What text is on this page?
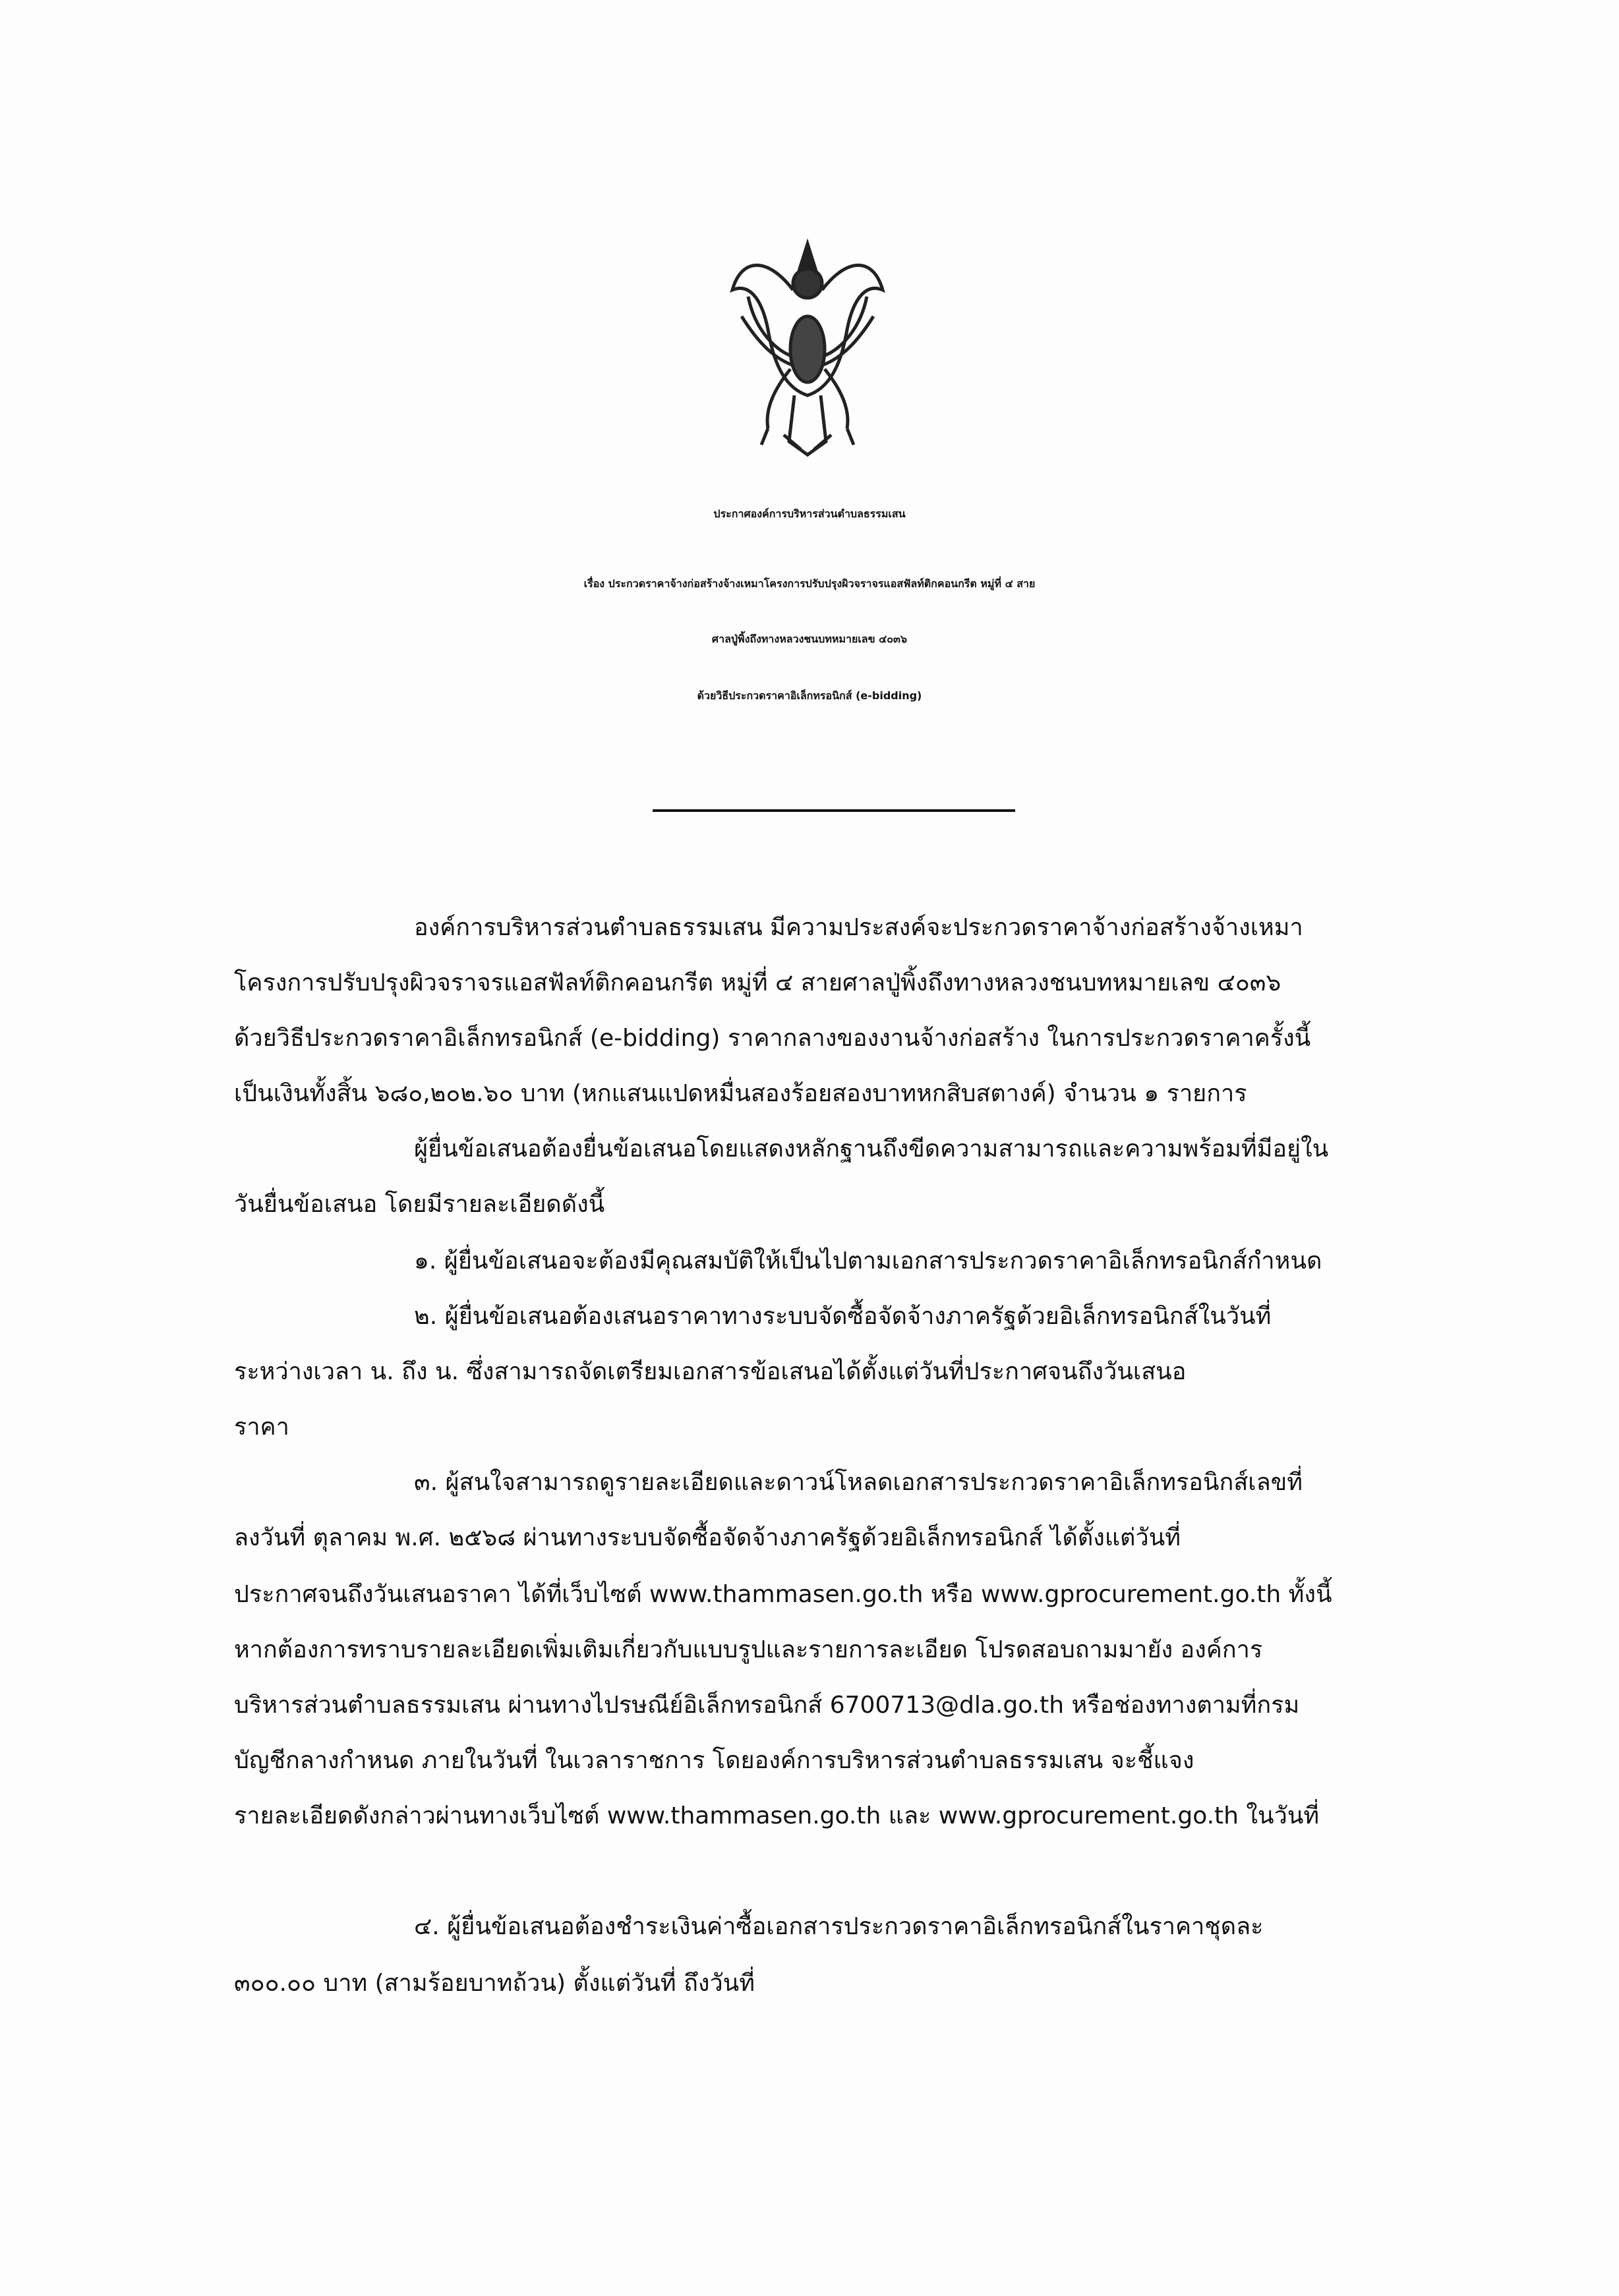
ประกาศองค์การบริหารส่วนตำบลธรรมเสน
เรื่อง ประกวดราคาจ้างก่อสร้างจ้างเหมาโครงการปรับปรุงผิวจราจรแอสฟัลท์ติกคอนกรีต หมู่ที่ ๔ สาย
ศาลปู่พิ้งถึงทางหลวงชนบทหมายเลข ๔๐๓๖
ด้วยวิธีประกวดราคาอิเล็กทรอนิกส์ (e-bidding)
องค์การบริหารส่วนตำบลธรรมเสน มีความประสงค์จะประกวดราคาจ้างก่อสร้างจ้างเหมา
โครงการปรับปรุงผิวจราจรแอสฟัลท์ติกคอนกรีต หมู่ที่ ๔ สายศาลปู่พิ้งถึงทางหลวงชนบทหมายเลข ๔๐๓๖
ด้วยวิธีประกวดราคาอิเล็กทรอนิกส์ (e-bidding) ราคากลางของงานจ้างก่อสร้าง ในการประกวดราคาครั้งนี้
เป็นเงินทั้งสิ้น ๖๘๐,๒๐๒.๖๐ บาท (หกแสนแปดหมื่นสองร้อยสองบาทหกสิบสตางค์) จำนวน ๑ รายการ
ผู้ยื่นข้อเสนอต้องยื่นข้อเสนอโดยแสดงหลักฐานถึงขีดความสามารถและความพร้อมที่มีอยู่ใน
วันยื่นข้อเสนอ โดยมีรายละเอียดดังนี้
๑. ผู้ยื่นข้อเสนอจะต้องมีคุณสมบัติให้เป็นไปตามเอกสารประกวดราคาอิเล็กทรอนิกส์กำหนด
๒. ผู้ยื่นข้อเสนอต้องเสนอราคาทางระบบจัดซื้อจัดจ้างภาครัฐด้วยอิเล็กทรอนิกส์ในวันที่
ระหว่างเวลา น. ถึง น. ซึ่งสามารถจัดเตรียมเอกสารข้อเสนอได้ตั้งแต่วันที่ประกาศจนถึงวันเสนอ
ราคา
๓. ผู้สนใจสามารถดูรายละเอียดและดาวน์โหลดเอกสารประกวดราคาอิเล็กทรอนิกส์เลขที่
ลงวันที่ ตุลาคม พ.ศ. ๒๕๖๘ ผ่านทางระบบจัดซื้อจัดจ้างภาครัฐด้วยอิเล็กทรอนิกส์ ได้ตั้งแต่วันที่
ประกาศจนถึงวันเสนอราคา ได้ที่เว็บไซต์ www.thammasen.go.th หรือ www.gprocurement.go.th ทั้งนี้
หากต้องการทราบรายละเอียดเพิ่มเติมเกี่ยวกับแบบรูปและรายการละเอียด โปรดสอบถามมายัง องค์การ
บริหารส่วนตำบลธรรมเสน ผ่านทางไปรษณีย์อิเล็กทรอนิกส์ 6700713@dla.go.th หรือช่องทางตามที่กรม
บัญชีกลางกำหนด ภายในวันที่ ในเวลาราชการ โดยองค์การบริหารส่วนตำบลธรรมเสน จะชี้แจง
รายละเอียดดังกล่าวผ่านทางเว็บไซต์ www.thammasen.go.th และ www.gprocurement.go.th ในวันที่
๔. ผู้ยื่นข้อเสนอต้องชำระเงินค่าซื้อเอกสารประกวดราคาอิเล็กทรอนิกส์ในราคาชุดละ
๓๐๐.๐๐ บาท (สามร้อยบาทถ้วน) ตั้งแต่วันที่ ถึงวันที่
